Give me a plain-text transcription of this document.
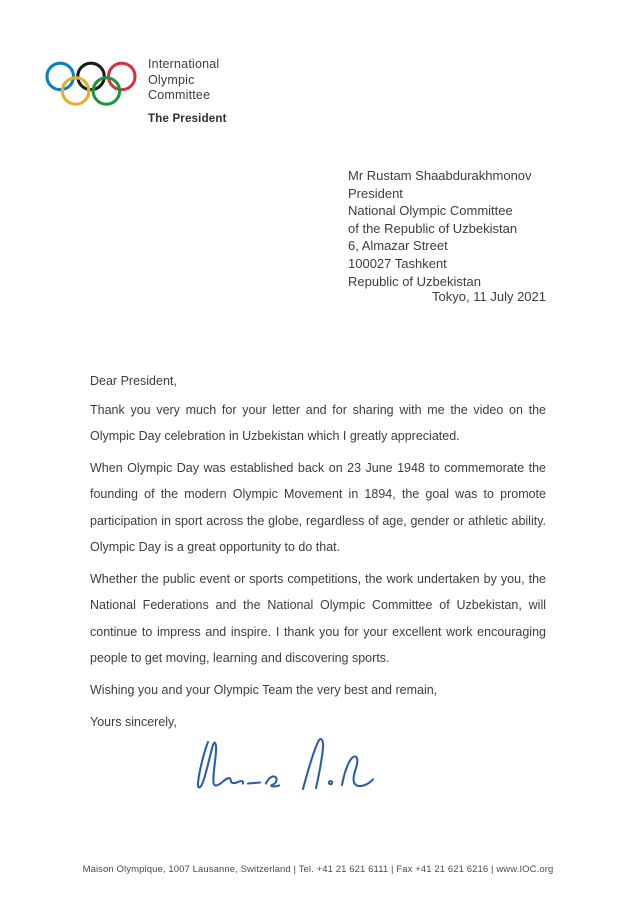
International
Olympic
Committee
The President
Mr Rustam Shaabdurakhmonov
President
National Olympic Committee
of the Republic of Uzbekistan
6, Almazar Street
100027 Tashkent
Republic of Uzbekistan
Tokyo, 11 July 2021

Dear President,

Thank you very much for your letter and for sharing with me the video on the Olympic Day celebration in Uzbekistan which I greatly appreciated.

When Olympic Day was established back on 23 June 1948 to commemorate the founding of the modern Olympic Movement in 1894, the goal was to promote participation in sport across the globe, regardless of age, gender or athletic ability. Olympic Day is a great opportunity to do that.

Whether the public event or sports competitions, the work undertaken by you, the National Federations and the National Olympic Committee of Uzbekistan, will continue to impress and inspire. I thank you for your excellent work encouraging people to get moving, learning and discovering sports.

Wishing you and your Olympic Team the very best and remain,

Yours sincerely,

Maison Olympique, 1007 Lausanne, Switzerland | Tel. +41 21 621 6111 | Fax +41 21 621 6216 | www.IOC.org
